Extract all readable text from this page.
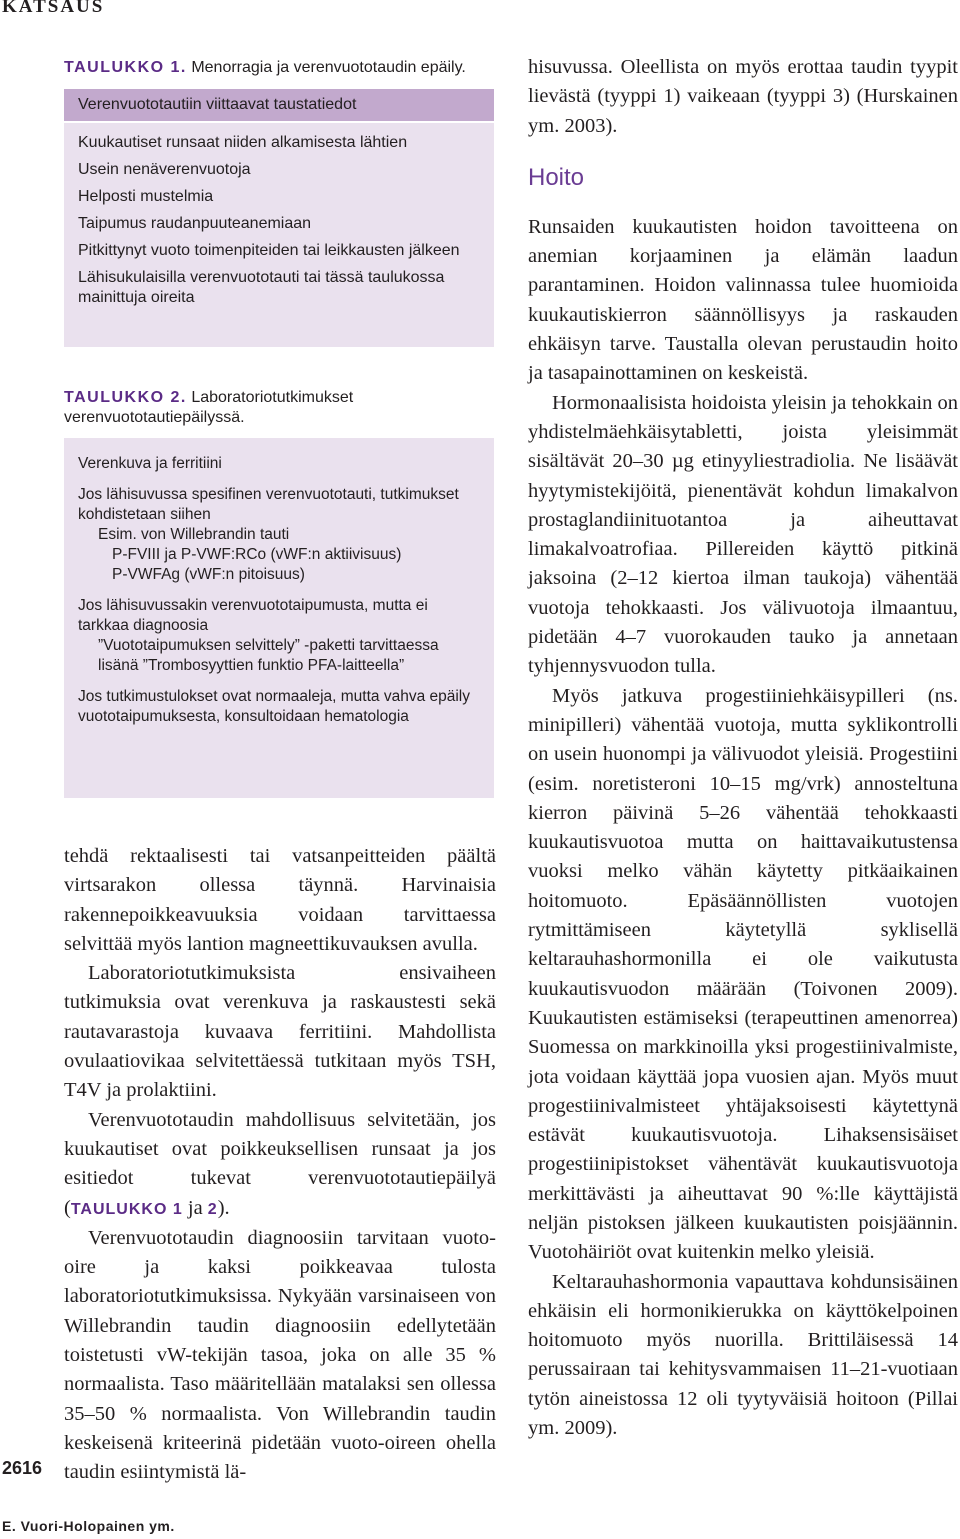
KATSAUS
TAULUKKO 1. Menorragia ja verenvuototaudin epäily.
Verenvuototautiin viittaavat taustatiedot
Kuukautiset runsaat niiden alkamisesta lähtien
Usein nenäverenvuotoja
Helposti mustelmia
Taipumus raudanpuuteanemiaan
Pitkittynyt vuoto toimenpiteiden tai leikkausten jälkeen
Lähisukulaisilla verenvuototauti tai tässä taulukossa mainittuja oireita
TAULUKKO 2. Laboratoriotutkimukset verenvuototautiepäilyssä.
Verenkuva ja ferritiini
Jos lähisuvussa spesifinen verenvuototauti, tutkimukset kohdistetaan siihen
Esim. von Willebrandin tauti
P-FVIII ja P-VWF:RCo (vWF:n aktiivisuus)
P-VWFAg (vWF:n pitoisuus)
Jos lähisuvussakin verenvuototaipumusta, mutta ei tarkkaa diagnoosia
”Vuototaipumuksen selvittely” -paketti tarvittaessa lisänä ”Trombosyyttien funktio PFA-laitteella”
Jos tutkimustulokset ovat normaaleja, mutta vahva epäily vuototaipumuksesta, konsultoidaan hematologia

tehdä rektaalisesti tai vatsanpeitteiden päältä virtsarakon ollessa täynnä. Harvinaisia rakennepoikkeavuuksia voidaan tarvittaessa selvittää myös lantion magneettikuvauksen avulla.

Laboratoriotutkimuksista ensivaiheen tutkimuksia ovat verenkuva ja raskaustesti sekä rautavarastoja kuvaava ferritiini. Mahdollista ovulaatiovikaa selvitettäessä tutkitaan myös TSH, T4V ja prolaktiini.

Verenvuototaudin mahdollisuus selvitetään, jos kuukautiset ovat poikkeuksellisen runsaat ja jos esitiedot tukevat verenvuototautiepäilyä (TAULUKKO 1 ja 2).

Verenvuototaudin diagnoosiin tarvitaan vuoto-oire ja kaksi poikkeavaa tulosta laboratoriotutkimuksissa. Nykyään varsinaiseen von Willebrandin taudin diagnoosiin edellytetään toistetusti vW-tekijän tasoa, joka on alle 35 % normaalista. Taso määritellään matalaksi sen ollessa 35–50 % normaalista. Von Willebrandin taudin keskeisenä kriteerinä pidetään vuoto-oireen ohella taudin esiintymistä lä-

hisuvussa. Oleellista on myös erottaa taudin tyypit lievästä (tyyppi 1) vaikeaan (tyyppi 3) (Hurskainen ym. 2003).

Hoito

Runsaiden kuukautisten hoidon tavoitteena on anemian korjaaminen ja elämän laadun parantaminen. Hoidon valinnassa tulee huomioida kuukautiskierron säännöllisyys ja raskauden ehkäisyn tarve. Taustalla olevan perustaudin hoito ja tasapainottaminen on keskeistä.

Hormonaalisista hoidoista yleisin ja tehokkain on yhdistelmäehkäisytabletti, joista yleisimmät sisältävät 20–30 µg etinyyliestradiolia. Ne lisäävät hyytymistekijöitä, pienentävät kohdun limakalvon prostaglandiinituotantoa ja aiheuttavat limakalvoatrofiaa. Pillereiden käyttö pitkinä jaksoina (2–12 kiertoa ilman taukoja) vähentää vuotoja tehokkaasti. Jos välivuotoja ilmaantuu, pidetään 4–7 vuorokauden tauko ja annetaan tyhjennysvuodon tulla.

Myös jatkuva progestiiniehkäisypilleri (ns. minipilleri) vähentää vuotoja, mutta syklikontrolli on usein huonompi ja välivuodot yleisiä. Progestiini (esim. noretisteroni 10–15 mg/vrk) annosteltuna kierron päivinä 5–26 vähentää tehokkaasti kuukautisvuotoa mutta on haittavaikutustensa vuoksi melko vähän käytetty pitkäaikainen hoitomuoto. Epäsäännöllisten vuotojen rytmittämiseen käytetyllä syklisellä keltarauhashormonilla ei ole vaikutusta kuukautisvuodon määrään (Toivonen 2009). Kuukautisten estämiseksi (terapeuttinen amenorrea) Suomessa on markkinoilla yksi progestiinivalmiste, jota voidaan käyttää jopa vuosien ajan. Myös muut progestiinivalmisteet yhtäjaksoisesti käytettynä estävät kuukautisvuotoja. Lihaksensisäiset progestiinipistokset vähentävät kuukautisvuotoja merkittävästi ja aiheuttavat 90 %:lle käyttäjistä neljän pistoksen jälkeen kuukautisten poisjäännin. Vuotohäiriöt ovat kuitenkin melko yleisiä.

Keltarauhashormonia vapauttava kohdunsisäinen ehkäisin eli hormonikierukka on käyttökelpoinen hoitomuoto myös nuorilla. Brittiläisessä 14 perussairaan tai kehitysvammaisen 11–21-vuotiaan tytön aineistossa 12 oli tyytyväisiä hoitoon (Pillai ym. 2009).

2616
E. Vuori-Holopainen ym.
